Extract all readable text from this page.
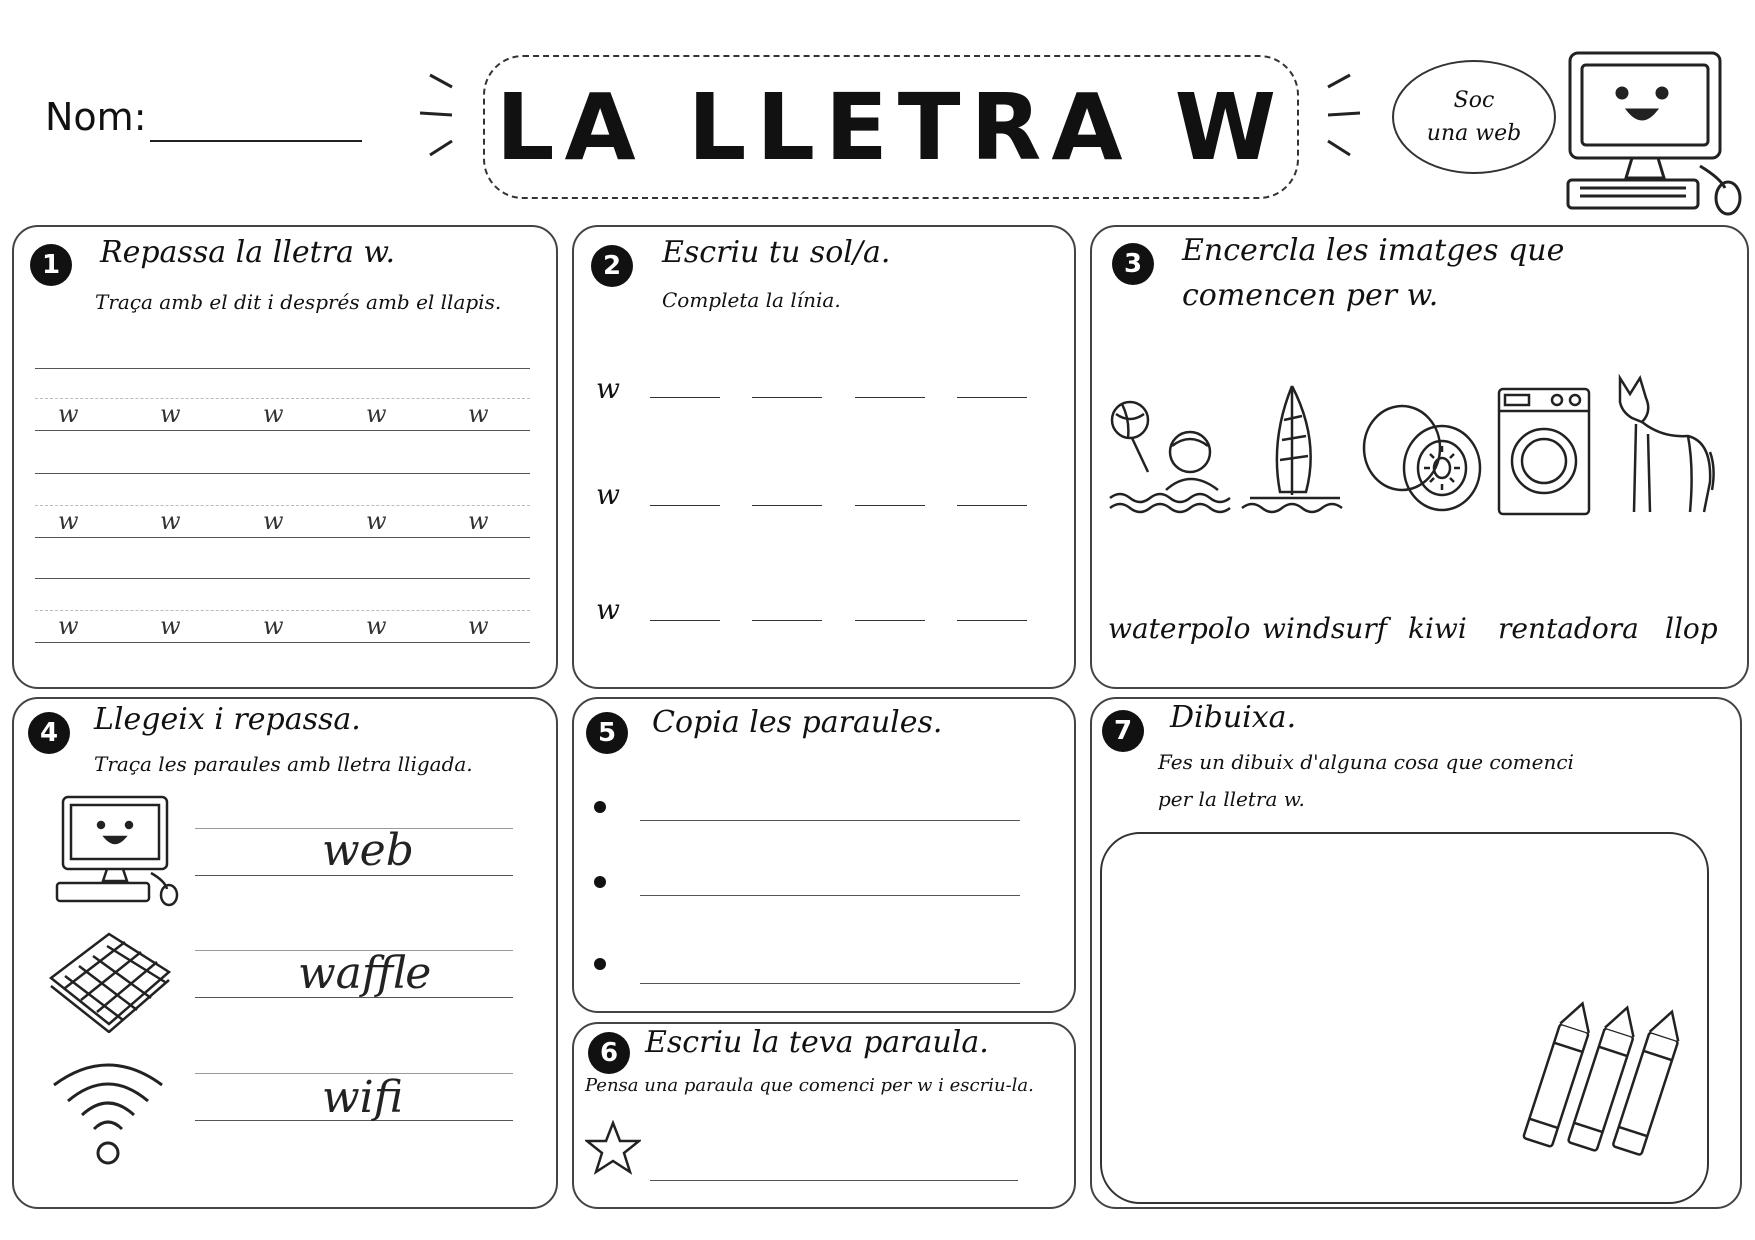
Nom:	LA LLETRA W	Soc
una web
1	Repassa la lletra w.
Traça amb el dit i després amb el llapis.
w	w	w	w	w
w	w	w	w	w
w	w	w	w	w
2	Escriu tu sol/a.
Completa la línia.
w
w
w
3	Encercla les imatges que
comencen per w.
waterpolo windsurf kiwi rentadora llop
4	Llegeix i repassa.
Traça les paraules amb lletra lligada.
web
waffle
wifi
5	Copia les paraules.
6 Escriu la teva paraula.
Pensa una paraula que comenci per w i escriu-la.
7	Dibuixa.
Fes un dibuix d'alguna cosa que comenci
per la lletra w.
